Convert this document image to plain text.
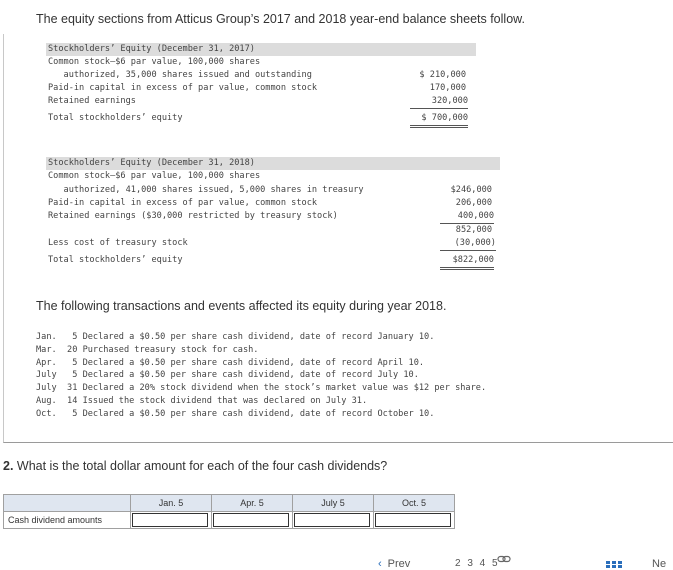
The equity sections from Atticus Group’s 2017 and 2018 year-end balance sheets follow.
Stockholders’ Equity (December 31, 2017)
Common stock—$6 par value, 100,000 shares
authorized, 35,000 shares issued and outstanding	$ 210,000
Paid-in capital in excess of par value, common stock	170,000
Retained earnings	320,000
Total stockholders’ equity	$ 700,000
Stockholders’ Equity (December 31, 2018)
Common stock—$6 par value, 100,000 shares
authorized, 41,000 shares issued, 5,000 shares in treasury	$246,000
Paid-in capital in excess of par value, common stock	206,000
Retained earnings ($30,000 restricted by treasury stock)	400,000
852,000
Less cost of treasury stock	(30,000)
Total stockholders’ equity	$822,000
The following transactions and events affected its equity during year 2018.
Jan.   5 Declared a $0.50 per share cash dividend, date of record January 10.
Mar.  20 Purchased treasury stock for cash.
Apr.   5 Declared a $0.50 per share cash dividend, date of record April 10.
July   5 Declared a $0.50 per share cash dividend, date of record July 10.
July  31 Declared a 20% stock dividend when the stock’s market value was $12 per share.
Aug.  14 Issued the stock dividend that was declared on July 31.
Oct.   5 Declared a $0.50 per share cash dividend, date of record October 10.
2. What is the total dollar amount for each of the four cash dividends?
	Jan. 5	Apr. 5	July 5	Oct. 5
Cash dividend amounts				
‹ Prev	2 3 4 5	Ne
